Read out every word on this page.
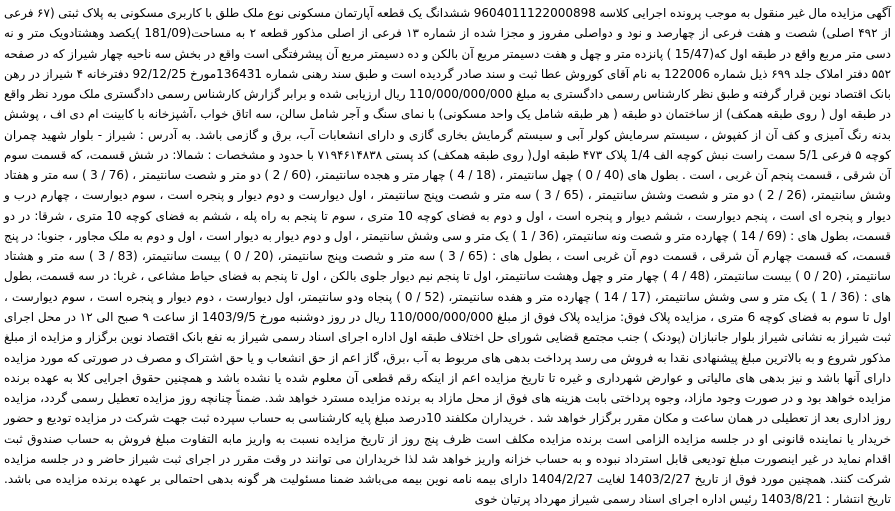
آگهی مزایده مال غیر منقول به موجب پرونده اجرایی کلاسه 9604011122000898 ششدانگ یک قطعه آپارتمان مسکونی نوع ملک طلق با کاربری مسکونی به پلاک ثبتی (۶۷ فرعی از ۴۹۲ اصلی) شصت و هفت فرعی از چهارصد و نود و دواصلی مفروز و مجزا شده از شماره ۱۳ فرعی از اصلی مذکور قطعه ۲ به مساحت(181/09 )یکصد وهشتادویک متر و نه دسی متر مربع واقع در طبقه اول که(15/47 ) پانزده متر و چهل و هفت دسیمتر مربع آن بالکن و ده دسیمتر مربع آن پیشرفتگی است واقع در بخش سه ناحیه چهار شیراز که در صفحه ۵۵۲ دفتر املاک جلد ۶۹۹ ذیل شماره 122006 به نام آقای کوروش عطا ثبت و سند صادر گردیده است و طبق سند رهنی شماره 136431مورخ 92/12/25 دفترخانه ۴ شیراز در رهن بانک اقتصاد نوین قرار گرفته و طبق نظر کارشناس رسمی دادگستری به مبلغ 110/000/000/000 ریال ارزیابی شده و برابر گزارش کارشناس رسمی دادگستری ملک مورد نظر واقع در طبقه اول ( روی طبقه همکف) از ساختمان دو طبقه ( هر طبقه شامل یک واحد مسکونی) با نمای سنگ و آجر شامل سالن، سه اتاق خواب ،آشپزخانه با کابینت ام دی اف ، پوشش بدنه رنگ آمیزی و کف آن از کفپوش ، سیستم سرمایش کولر آبی و سیستم گرمایش بخاری گازی و دارای انشعابات آب، برق و گازمی باشد. به آدرس : شیراز - بلوار شهید چمران کوچه ۵ فرعی 5/1 سمت راست نبش کوچه الف 1/4 پلاک ۴۷۳ طبقه اول( روی طبقه همکف) کد پستی ۷۱۹۴۶۱۴۸۳۸ با حدود و مشخصات : شمالا: در شش قسمت، که قسمت سوم آن شرقی ، قسمت پنجم آن غربی ، است . بطول های (40 / 0 ) چهل سانتیمتر ، (18 / 4 ) چهار متر و هجده سانتیمتر، (60 / 2 ) دو متر و شصت سانتیمتر ، (76 / 3 ) سه متر و هفتاد وشش سانتیمتر، (26 / 2 ) دو متر و شصت وشش سانتیمتر ، (65 / 3 ) سه متر و شصت وپنج سانتیمتر ، اول دیوارست و دوم دیوار و پنجره است ، سوم دیوارست ، چهارم درب و دیوار و پنجره ای است ، پنجم دیوارست ، ششم دیوار و پنجره است ، اول و دوم به فضای کوچه 10 متری ، سوم تا پنجم به راه پله ، ششم به فضای کوچه 10 متری ، شرقا: در دو قسمت، بطول های : (69 / 14 ) چهارده متر و شصت ونه سانتیمتر، (36 / 1 ) یک متر و سی وشش سانتیمتر ، اول و دوم دیوار به دیوار است ، اول و دوم به ملک مجاور ، جنوبا: در پنج قسمت، که قسمت چهارم آن شرقی ، قسمت دوم آن غربی است ، بطول های : (65 / 3 ) سه متر و شصت وپنج سانتیمتر، (20 / 0 ) بیست سانتیمتر، (83 / 3 ) سه متر و هشتاد سانتیمتر، (20 / 0 ) بیست سانتیمتر، (48 / 4 ) چهار متر و چهل وهشت سانتیمتر، اول تا پنجم نیم دیوار جلوی بالکن ، اول تا پنجم به فضای حیاط مشاعی ، غربا: در سه قسمت، بطول های : (36 / 1 ) یک متر و سی وشش سانتیمتر، (17 / 14 ) چهارده متر و هفده سانتیمتر، (52 / 0 ) پنجاه ودو سانتیمتر، اول دیوارست ، دوم دیوار و پنجره است ، سوم دیوارست ، اول تا سوم به فضای کوچه 6 متری ، مزایده پلاک فوق: مزایده پلاک فوق از مبلغ 110/000/000/000 ریال در روز دوشنبه مورخ 1403/9/5 از ساعت ۹ صبح الی ۱۲ در محل اجرای ثبت شیراز به نشانی شیراز بلوار جانبازان (پودنک ) جنب مجتمع قضایی شورای حل اختلاف طبقه اول اداره اجرای اسناد رسمی شیراز به نفع بانک اقتصاد نوین برگزار و مزایده از مبلغ مذکور شروع و به بالاترین مبلغ پیشنهادی نقدا به فروش می رسد پرداخت بدهی های مربوط به آب ،برق، گاز اعم از حق انشعاب و یا حق اشتراک و مصرف در صورتی که مورد مزایده دارای آنها باشد و نیز بدهی های مالیاتی و عوارض شهرداری و غیره تا تاریخ مزایده اعم از اینکه رقم قطعی آن معلوم شده یا نشده باشد و همچنین حقوق اجرایی کلا به عهده برنده مزایده خواهد بود و در صورت وجود مازاد، وجوه پرداختی بابت هزینه های فوق از محل مازاد به برنده مزایده مسترد خواهد شد. ضمناً چنانچه روز مزایده تعطیل رسمی گردد، مزایده روز اداری بعد از تعطیلی در همان ساعت و مکان مقرر برگزار خواهد شد . خریداران مکلفند 10درصد مبلغ پایه کارشناسی به حساب سپرده ثبت جهت شرکت در مزایده تودیع و حضور خریدار یا نماینده قانونی او در جلسه مزایده الزامی است برنده مزایده مکلف است ظرف پنج روز از تاریخ مزایده نسبت به واریز مابه التفاوت مبلغ فروش به حساب صندوق ثبت اقدام نماید در غیر اینصورت مبلغ تودیعی قابل استرداد نبوده و به حساب خزانه واریز خواهد شد لذا خریداران می توانند در وقت مقرر در اجرای ثبت شیراز حاضر و در جلسه مزایده شرکت کنند. همچنین مورد فوق از تاریخ 1403/2/27 لغایت 1404/2/27 دارای بیمه نامه نوین بیمه می‌باشد ضمنا مسئولیت هر گونه بدهی احتمالی بر عهده برنده مزایده می باشد. تاریخ انتشار : 1403/8/21 رئیس اداره اجرای اسناد رسمی شیراز مهرداد پرتیان خوی
